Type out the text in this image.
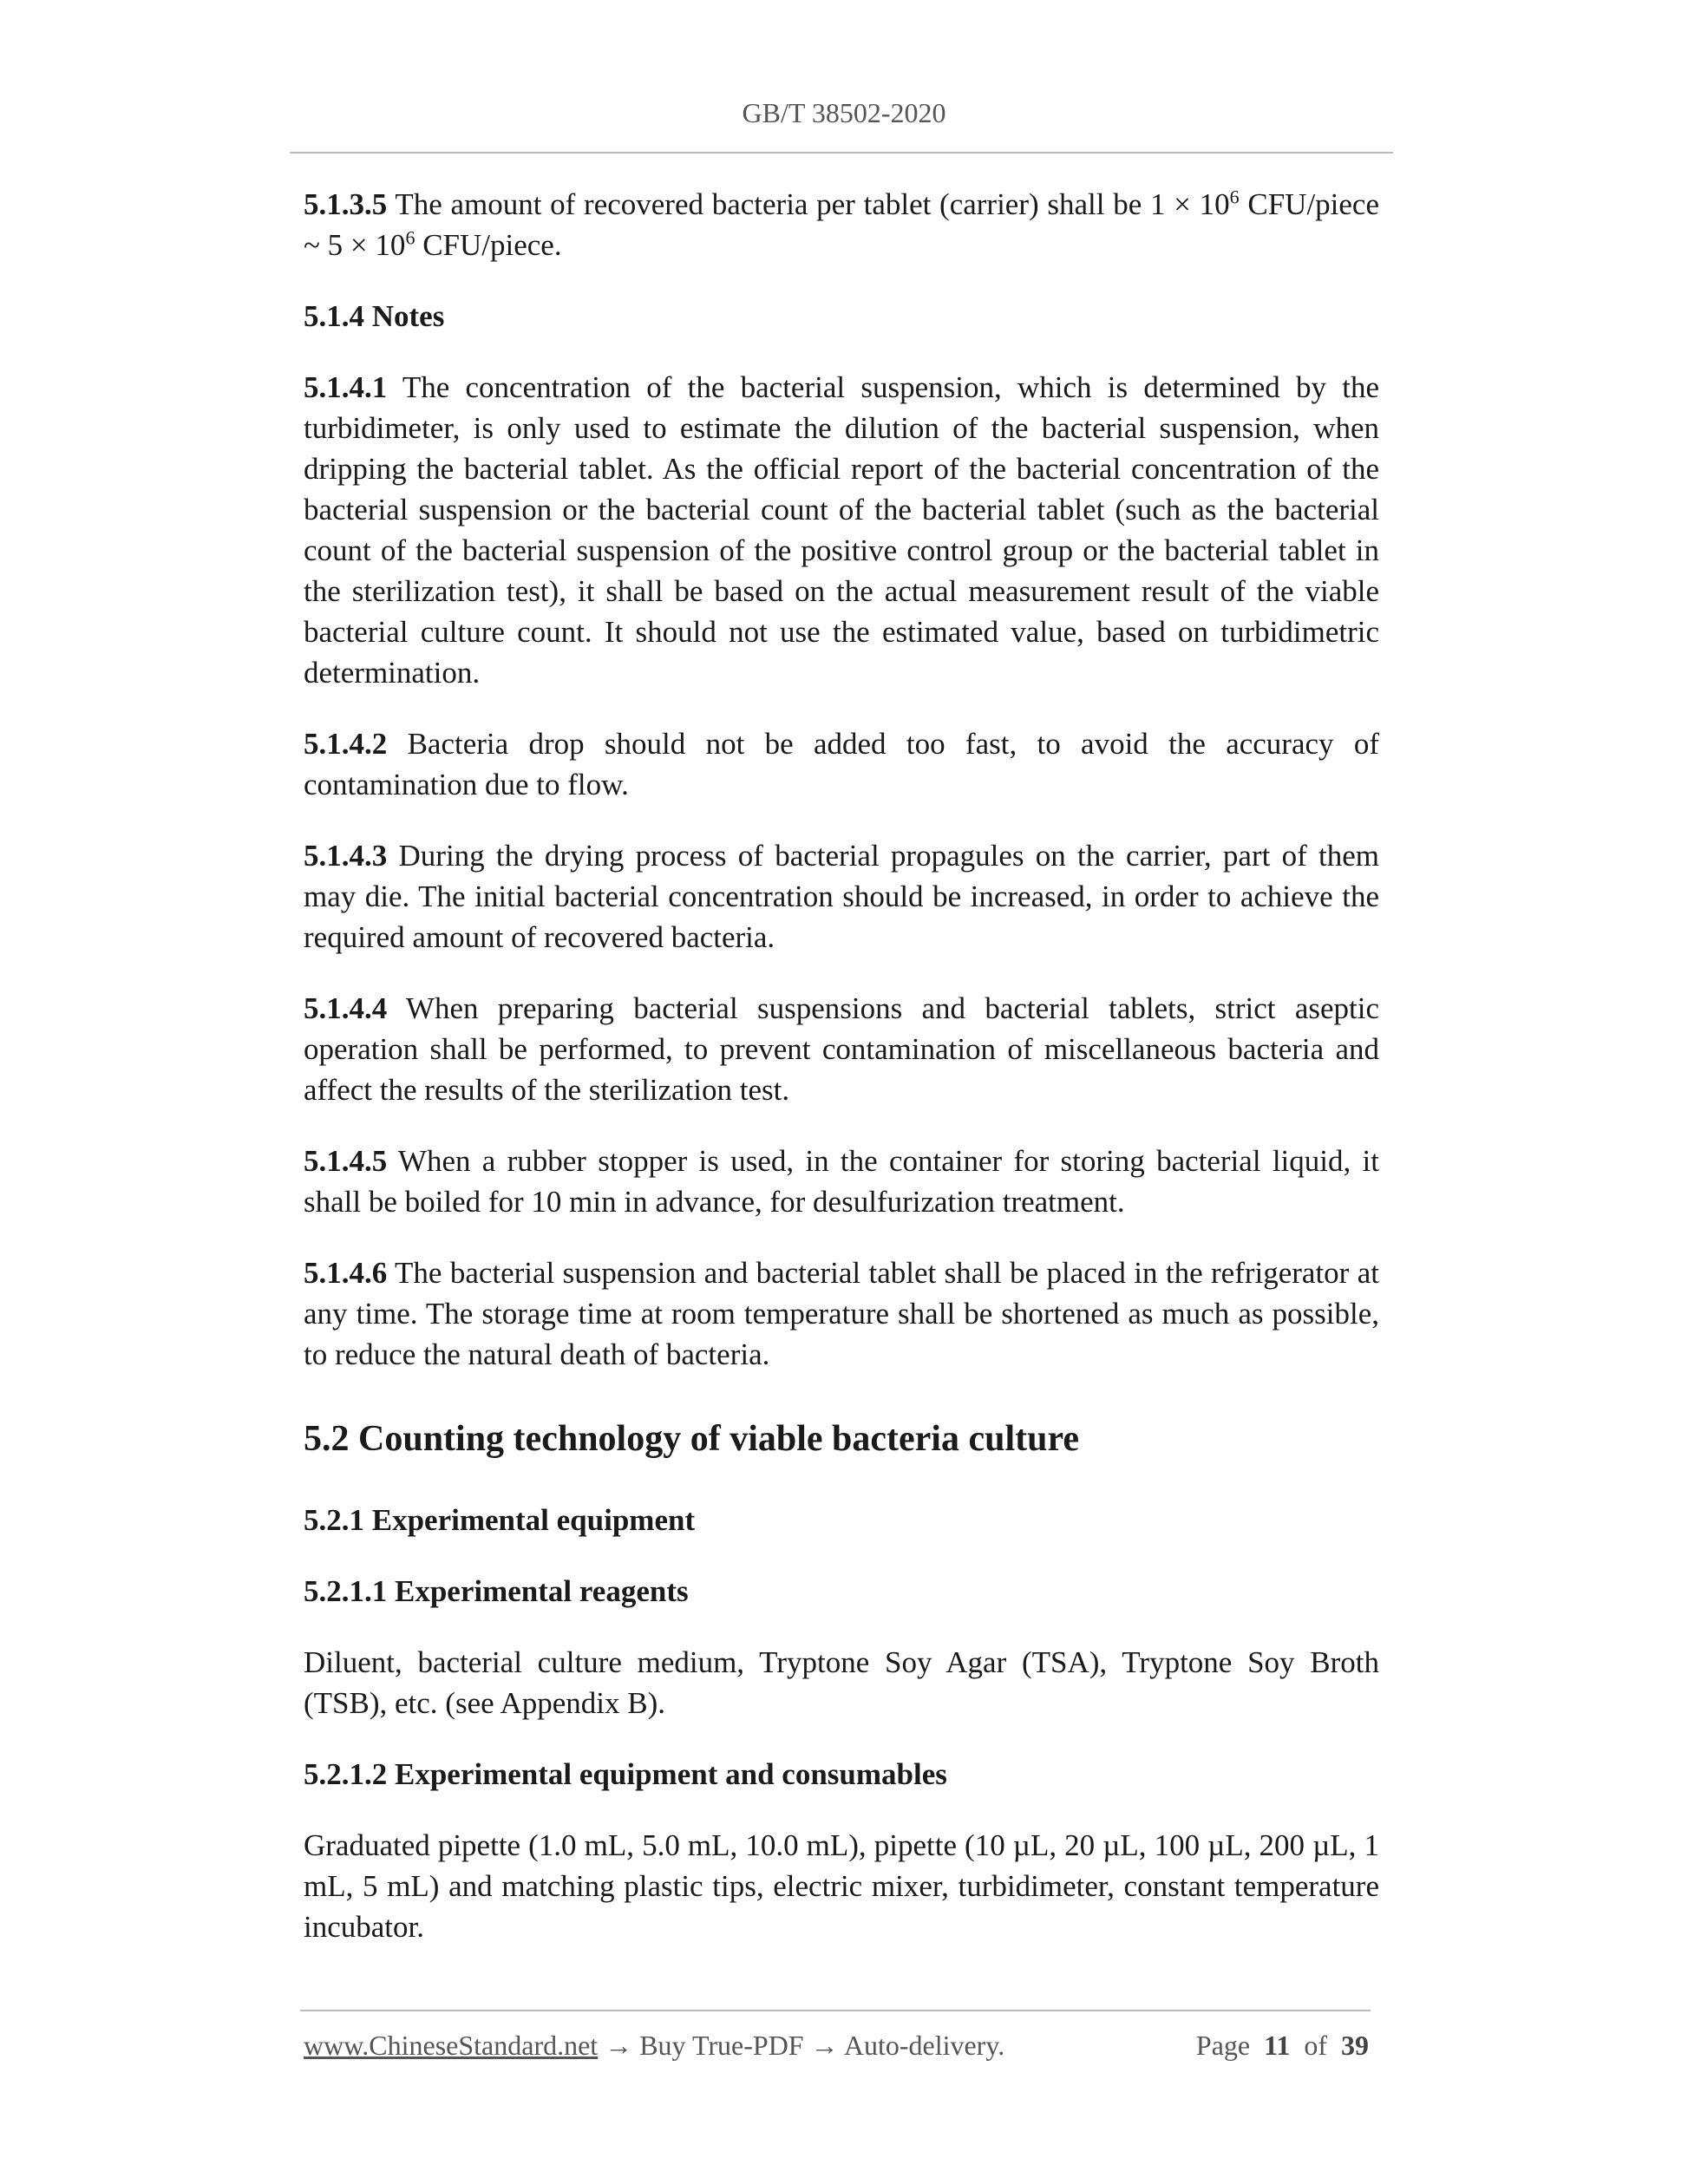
GB/T 38502-2020

5.1.3.5 The amount of recovered bacteria per tablet (carrier) shall be $1 \times 10^6$ CFU/piece ~ $5 \times 10^6$ CFU/piece.

5.1.4 Notes

5.1.4.1 The concentration of the bacterial suspension, which is determined by the turbidimeter, is only used to estimate the dilution of the bacterial suspension, when dripping the bacterial tablet. As the official report of the bacterial concentration of the bacterial suspension or the bacterial count of the bacterial tablet (such as the bacterial count of the bacterial suspension of the positive control group or the bacterial tablet in the sterilization test), it shall be based on the actual measurement result of the viable bacterial culture count. It should not use the estimated value, based on turbidimetric determination.

5.1.4.2 Bacteria drop should not be added too fast, to avoid the accuracy of contamination due to flow.

5.1.4.3 During the drying process of bacterial propagules on the carrier, part of them may die. The initial bacterial concentration should be increased, in order to achieve the required amount of recovered bacteria.

5.1.4.4 When preparing bacterial suspensions and bacterial tablets, strict aseptic operation shall be performed, to prevent contamination of miscellaneous bacteria and affect the results of the sterilization test.

5.1.4.5 When a rubber stopper is used, in the container for storing bacterial liquid, it shall be boiled for 10 min in advance, for desulfurization treatment.

5.1.4.6 The bacterial suspension and bacterial tablet shall be placed in the refrigerator at any time. The storage time at room temperature shall be shortened as much as possible, to reduce the natural death of bacteria.

5.2 Counting technology of viable bacteria culture
5.2.1 Experimental equipment
5.2.1.1 Experimental reagents

Diluent, bacterial culture medium, Tryptone Soy Agar (TSA), Tryptone Soy Broth (TSB), etc. (see Appendix B).

5.2.1.2 Experimental equipment and consumables

Graduated pipette (1.0 mL, 5.0 mL, 10.0 mL), pipette (10 µL, 20 µL, 100 µL, 200 µL, 1 mL, 5 mL) and matching plastic tips, electric mixer, turbidimeter, constant temperature incubator.

www.ChineseStandard.net → Buy True-PDF → Auto-delivery.	Page 11 of 39
